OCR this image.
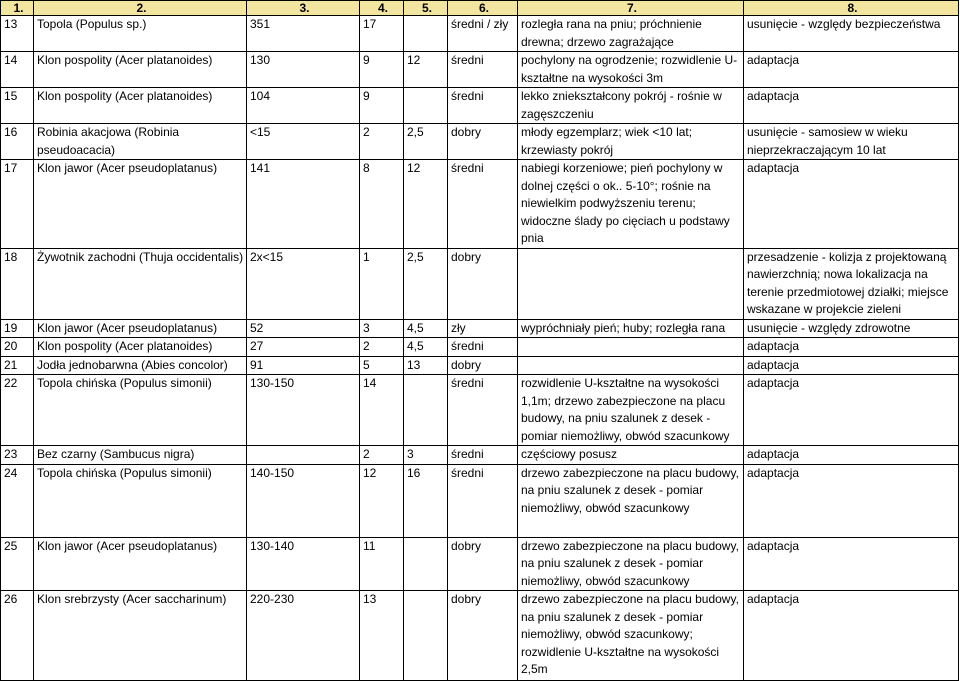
1.	2.	3.	4.	5.	6.	7.	8.	
13	Topola (Populus sp.)	351	17		średni / zły	rozległa rana na pniu; próchnienie drewna; drzewo zagrażające	usunięcie - względy bezpieczeństwa	
14	Klon pospolity (Acer platanoides)	130	9	12	średni	pochylony na ogrodzenie; rozwidlenie U-kształtne na wysokości 3m	adaptacja	
15	Klon pospolity (Acer platanoides)	104	9		średni	lekko zniekształcony pokrój - rośnie w zagęszczeniu	adaptacja	
16	Robinia akacjowa (Robinia pseudoacacia)	<15	2	2,5	dobry	młody egzemplarz; wiek <10 lat; krzewiasty pokrój	usunięcie - samosiew w wieku nieprzekraczającym 10 lat	
17	Klon jawor (Acer pseudoplatanus)	141	8	12	średni	nabiegi korzeniowe; pień pochylony w dolnej części o ok.. 5-10°; rośnie na niewielkim podwyższeniu terenu; widoczne ślady po cięciach u podstawy pnia	adaptacja	
18	Żywotnik zachodni (Thuja occidentalis)	2x<15	1	2,5	dobry		przesadzenie - kolizja z projektowaną nawierzchnią; nowa lokalizacja na terenie przedmiotowej działki; miejsce wskazane w projekcie zieleni	
19	Klon jawor (Acer pseudoplatanus)	52	3	4,5	zły	wypróchniały pień; huby; rozległa rana	usunięcie - względy zdrowotne	
20	Klon pospolity (Acer platanoides)	27	2	4,5	średni		adaptacja	
21	Jodła jednobarwna (Abies concolor)	91	5	13	dobry		adaptacja	
22	Topola chińska (Populus simonii)	130-150	14		średni	rozwidlenie U-kształtne na wysokości 1,1m; drzewo zabezpieczone na placu budowy, na pniu szalunek z desek - pomiar niemożliwy, obwód szacunkowy	adaptacja	
23	Bez czarny (Sambucus nigra)		2	3	średni	częściowy posusz	adaptacja	
24	Topola chińska (Populus simonii)	140-150	12	16	średni	drzewo zabezpieczone na placu budowy, na pniu szalunek z desek - pomiar niemożliwy, obwód szacunkowy	adaptacja	
25	Klon jawor (Acer pseudoplatanus)	130-140	11		dobry	drzewo zabezpieczone na placu budowy, na pniu szalunek z desek - pomiar niemożliwy, obwód szacunkowy	adaptacja	
26	Klon srebrzysty (Acer saccharinum)	220-230	13		dobry	drzewo zabezpieczone na placu budowy, na pniu szalunek z desek - pomiar niemożliwy, obwód szacunkowy; rozwidlenie U-kształtne na wysokości 2,5m	adaptacja	
